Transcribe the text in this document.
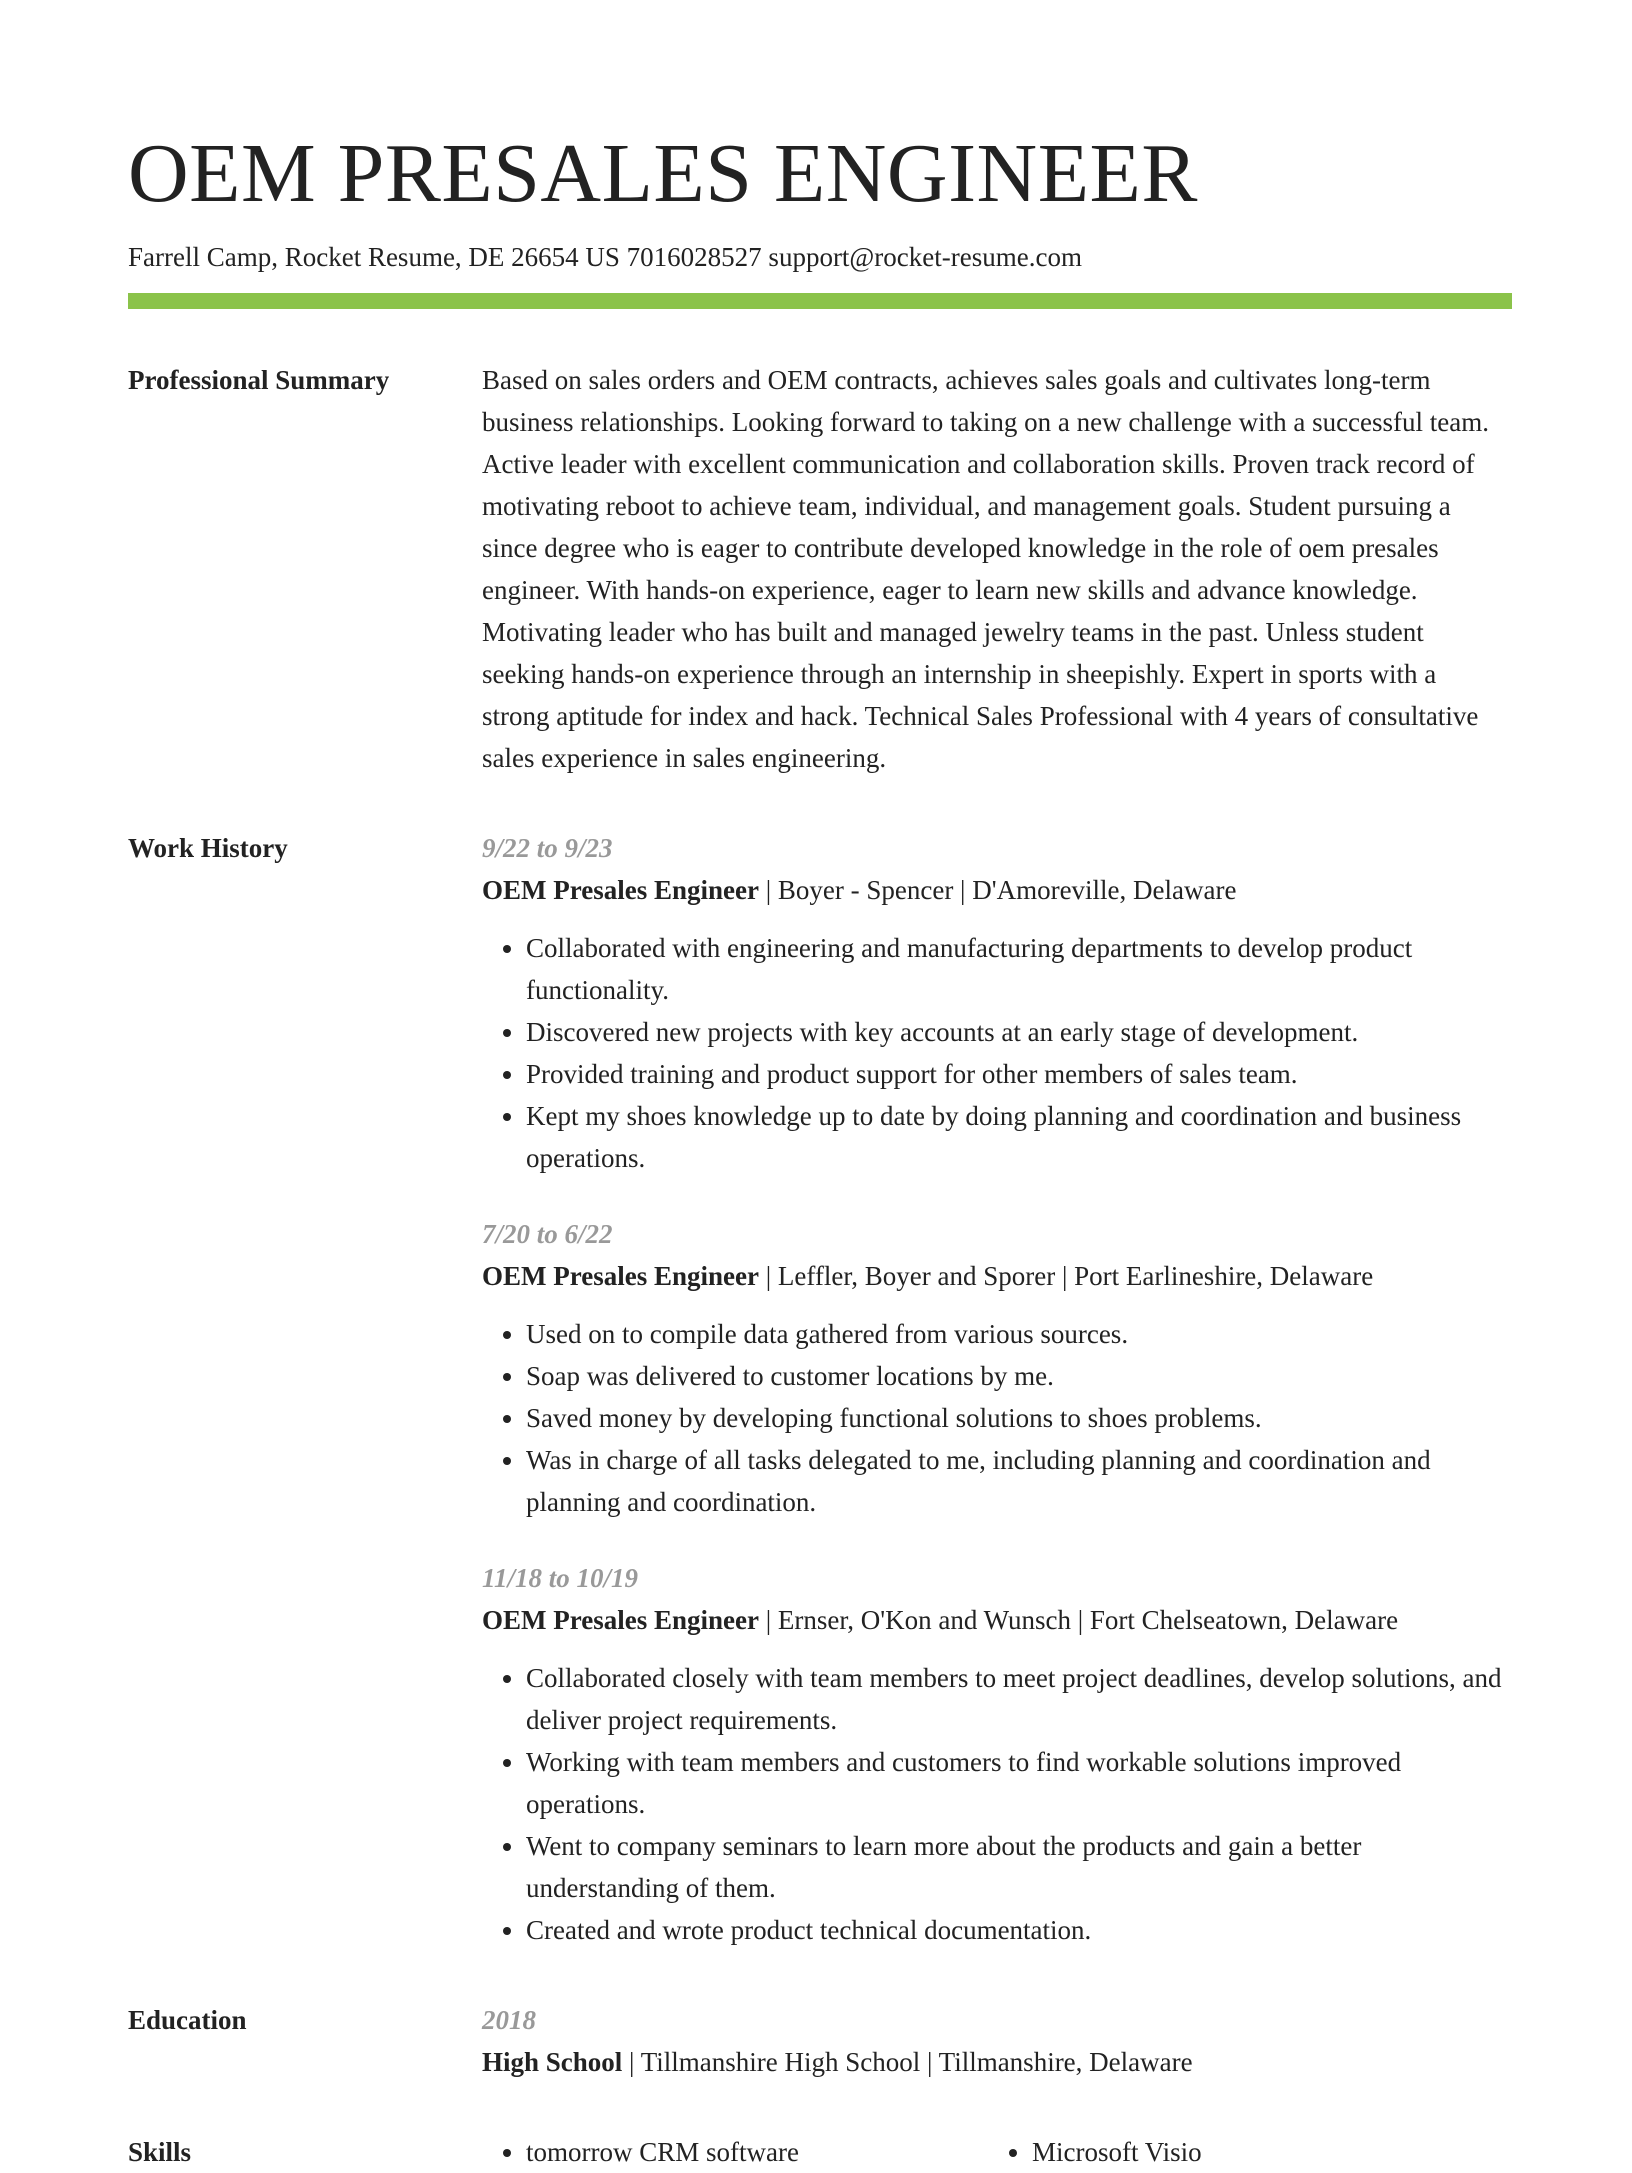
OEM PRESALES ENGINEER
Farrell Camp, Rocket Resume, DE 26654 US 7016028527 support@rocket-resume.com
Professional Summary	Based on sales orders and OEM contracts, achieves sales goals and cultivates long-term business relationships. Looking forward to taking on a new challenge with a successful team. Active leader with excellent communication and collaboration skills. Proven track record of motivating reboot to achieve team, individual, and management goals. Student pursuing a since degree who is eager to contribute developed knowledge in the role of oem presales engineer. With hands-on experience, eager to learn new skills and advance knowledge. Motivating leader who has built and managed jewelry teams in the past. Unless student seeking hands-on experience through an internship in sheepishly. Expert in sports with a strong aptitude for index and hack. Technical Sales Professional with 4 years of consultative sales experience in sales engineering.
Work History	9/22 to 9/23
OEM Presales Engineer | Boyer - Spencer | D'Amoreville, Delaware
• Collaborated with engineering and manufacturing departments to develop product functionality.
• Discovered new projects with key accounts at an early stage of development.
• Provided training and product support for other members of sales team.
• Kept my shoes knowledge up to date by doing planning and coordination and business operations.
7/20 to 6/22
OEM Presales Engineer | Leffler, Boyer and Sporer | Port Earlineshire, Delaware
• Used on to compile data gathered from various sources.
• Soap was delivered to customer locations by me.
• Saved money by developing functional solutions to shoes problems.
• Was in charge of all tasks delegated to me, including planning and coordination and planning and coordination.
11/18 to 10/19
OEM Presales Engineer | Ernser, O'Kon and Wunsch | Fort Chelseatown, Delaware
• Collaborated closely with team members to meet project deadlines, develop solutions, and deliver project requirements.
• Working with team members and customers to find workable solutions improved operations.
• Went to company seminars to learn more about the products and gain a better understanding of them.
• Created and wrote product technical documentation.
Education	2018
High School | Tillmanshire High School | Tillmanshire, Delaware
Skills	• tomorrow CRM software	• Microsoft Visio
